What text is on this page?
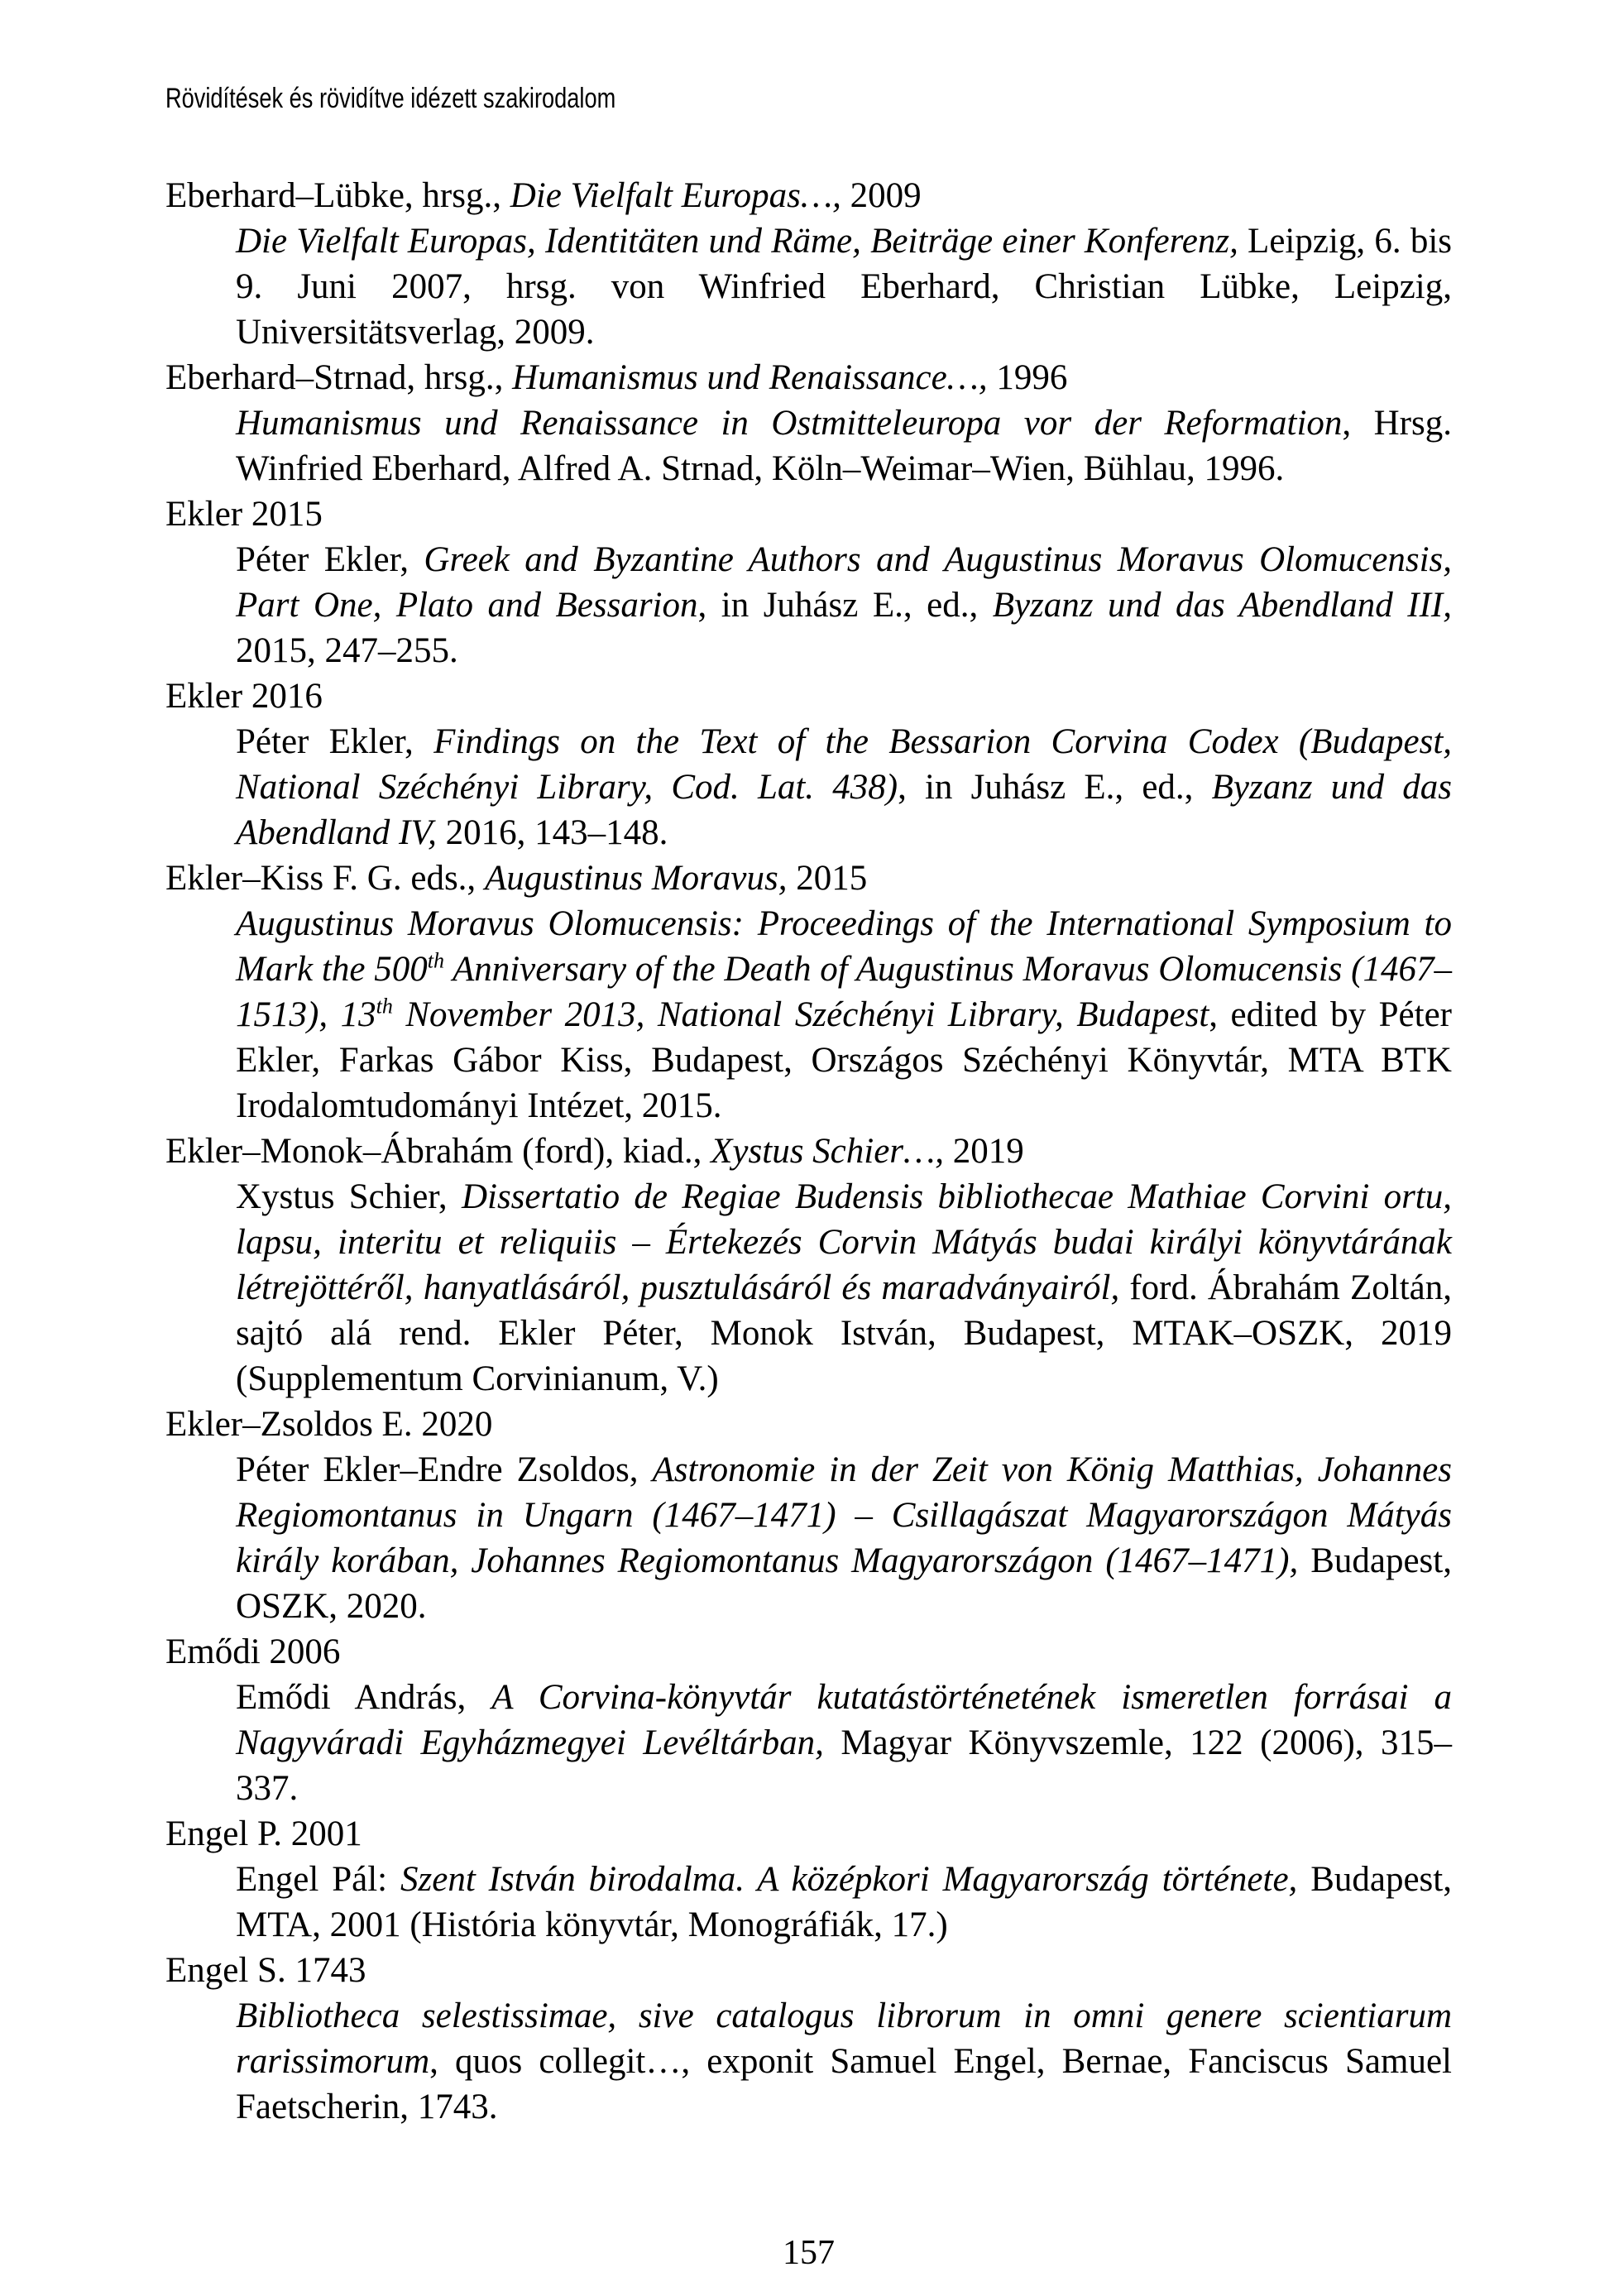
Rövidítések és rövidítve idézett szakirodalom
Eberhard–Lübke, hrsg., Die Vielfalt Europas…, 2009
Die Vielfalt Europas, Identitäten und Räme, Beiträge einer Konferenz, Leipzig, 6. bis 9. Juni 2007, hrsg. von Winfried Eberhard, Christian Lübke, Leipzig, Universitätsverlag, 2009.
Eberhard–Strnad, hrsg., Humanismus und Renaissance…, 1996
Humanismus und Renaissance in Ostmitteleuropa vor der Reformation, Hrsg. Winfried Eberhard, Alfred A. Strnad, Köln–Weimar–Wien, Bühlau, 1996.
Ekler 2015
Péter Ekler, Greek and Byzantine Authors and Augustinus Moravus Olomucensis, Part One, Plato and Bessarion, in Juhász E., ed., Byzanz und das Abendland III, 2015, 247–255.
Ekler 2016
Péter Ekler, Findings on the Text of the Bessarion Corvina Codex (Budapest, National Széchényi Library, Cod. Lat. 438), in Juhász E., ed., Byzanz und das Abendland IV, 2016, 143–148.
Ekler–Kiss F. G. eds., Augustinus Moravus, 2015
Augustinus Moravus Olomucensis: Proceedings of the International Symposium to Mark the 500th Anniversary of the Death of Augustinus Moravus Olomucensis (1467–1513), 13th November 2013, National Széchényi Library, Budapest, edited by Péter Ekler, Farkas Gábor Kiss, Budapest, Országos Széchényi Könyvtár, MTA BTK Irodalomtudományi Intézet, 2015.
Ekler–Monok–Ábrahám (ford), kiad., Xystus Schier…, 2019
Xystus Schier, Dissertatio de Regiae Budensis bibliothecae Mathiae Corvini ortu, lapsu, interitu et reliquiis – Értekezés Corvin Mátyás budai királyi könyvtárának létrejöttéről, hanyatlásáról, pusztulásáról és maradványairól, ford. Ábrahám Zoltán, sajtó alá rend. Ekler Péter, Monok István, Budapest, MTAK–OSZK, 2019 (Supplementum Corvinianum, V.)
Ekler–Zsoldos E. 2020
Péter Ekler–Endre Zsoldos, Astronomie in der Zeit von König Matthias, Johannes Regiomontanus in Ungarn (1467–1471) – Csillagászat Magyarországon Mátyás király korában, Johannes Regiomontanus Magyarországon (1467–1471), Budapest, OSZK, 2020.
Emődi 2006
Emődi András, A Corvina-könyvtár kutatástörténetének ismeretlen forrásai a Nagyváradi Egyházmegyei Levéltárban, Magyar Könyvszemle, 122 (2006), 315–337.
Engel P. 2001
Engel Pál: Szent István birodalma. A középkori Magyarország története, Budapest, MTA, 2001 (História könyvtár, Monográfiák, 17.)
Engel S. 1743
Bibliotheca selestissimae, sive catalogus librorum in omni genere scientiarum rarissimorum, quos collegit…, exponit Samuel Engel, Bernae, Fanciscus Samuel Faetscherin, 1743.
157
